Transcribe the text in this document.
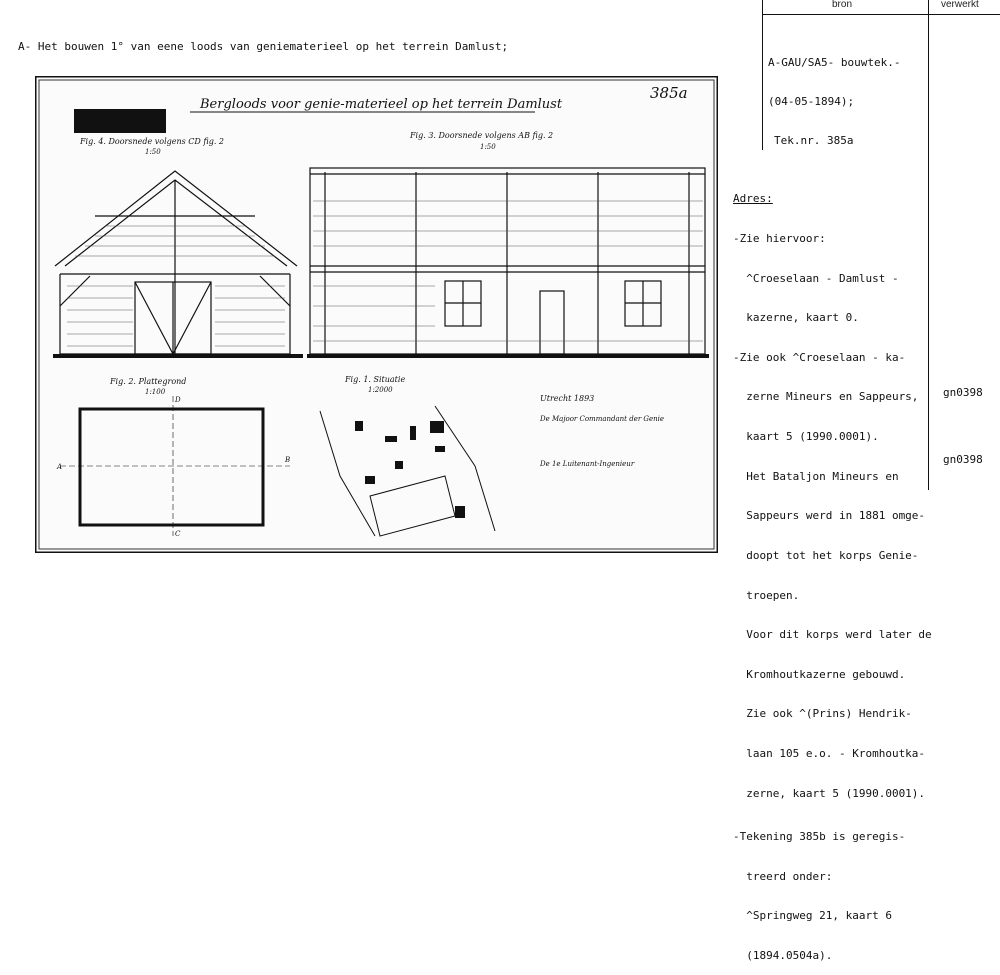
A- Het bouwen 1° van eene loods van geniematerieel op het terrein Damlust;

bron	verwerkt

A-GAU/SA5- bouwtek.-

(04-05-1894);

Tek.nr. 385a

Adres:

-Zie hiervoor:

^Croeselaan - Damlust -

kazerne, kaart 0.

-Zie ook ^Croeselaan - ka-

zerne Mineurs en Sappeurs,

kaart 5 (1990.0001).

Het Bataljon Mineurs en

Sappeurs werd in 1881 omge-

doopt tot het korps Genie-

troepen.

Voor dit korps werd later de

Kromhoutkazerne gebouwd.

Zie ook ^(Prins) Hendrik-

laan 105 e.o. - Kromhoutka-

zerne, kaart 5 (1990.0001).

-Tekening 385b is geregis-

treerd onder:

^Springweg 21, kaart 6

(1894.0504a).

gn0398
gn0398
Bergloods voor genie-materieel op het terrein Damlust
385a
Fig. 4. Doorsnede volgens CD fig. 2
1:50
Fig. 3. Doorsnede volgens AB fig. 2
1:50
Fig. 2. Plattegrond
1:100
A
B
C
D
Fig. 1. Situatie
1:2000
Utrecht 1893
De Majoor Commandant der Genie
De 1e Luitenant-Ingenieur
